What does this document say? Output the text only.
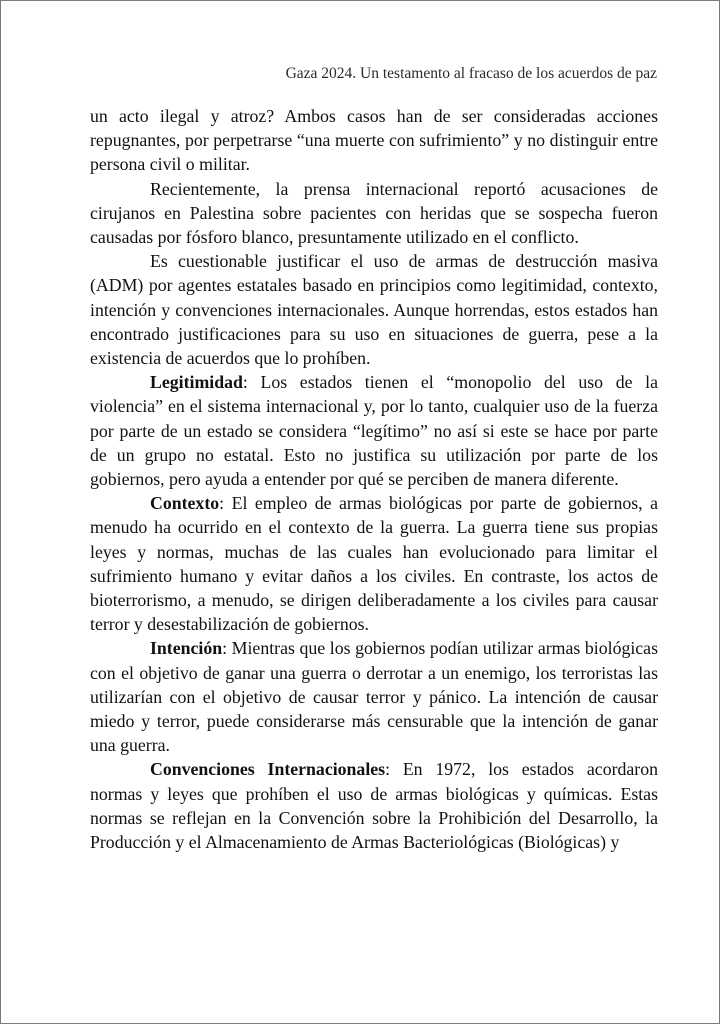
Gaza 2024. Un testamento al fracaso de los acuerdos de paz

un acto ilegal y atroz? Ambos casos han de ser consideradas acciones repugnantes, por perpetrarse “una muerte con sufrimiento” y no distinguir entre persona civil o militar.

Recientemente, la prensa internacional reportó acusaciones de cirujanos en Palestina sobre pacientes con heridas que se sospecha fueron causadas por fósforo blanco, presuntamente utilizado en el conflicto.

Es cuestionable justificar el uso de armas de destrucción masiva (ADM) por agentes estatales basado en principios como legitimidad, contexto, intención y convenciones internacionales. Aunque horrendas, estos estados han encontrado justificaciones para su uso en situaciones de guerra, pese a la existencia de acuerdos que lo prohíben.

Legitimidad: Los estados tienen el “monopolio del uso de la violencia” en el sistema internacional y, por lo tanto, cualquier uso de la fuerza por parte de un estado se considera “legítimo” no así si este se hace por parte de un grupo no estatal. Esto no justifica su utilización por parte de los gobiernos, pero ayuda a entender por qué se perciben de manera diferente.

Contexto: El empleo de armas biológicas por parte de gobiernos, a menudo ha ocurrido en el contexto de la guerra. La guerra tiene sus propias leyes y normas, muchas de las cuales han evolucionado para limitar el sufrimiento humano y evitar daños a los civiles. En contraste, los actos de bioterrorismo, a menudo, se dirigen deliberadamente a los civiles para causar terror y desestabilización de gobiernos.

Intención: Mientras que los gobiernos podían utilizar armas biológicas con el objetivo de ganar una guerra o derrotar a un enemigo, los terroristas las utilizarían con el objetivo de causar terror y pánico. La intención de causar miedo y terror, puede considerarse más censurable que la intención de ganar una guerra.

Convenciones Internacionales: En 1972, los estados acordaron normas y leyes que prohíben el uso de armas biológicas y químicas. Estas normas se reflejan en la Convención sobre la Prohibición del Desarrollo, la Producción y el Almacenamiento de Armas Bacteriológicas (Biológicas) y
